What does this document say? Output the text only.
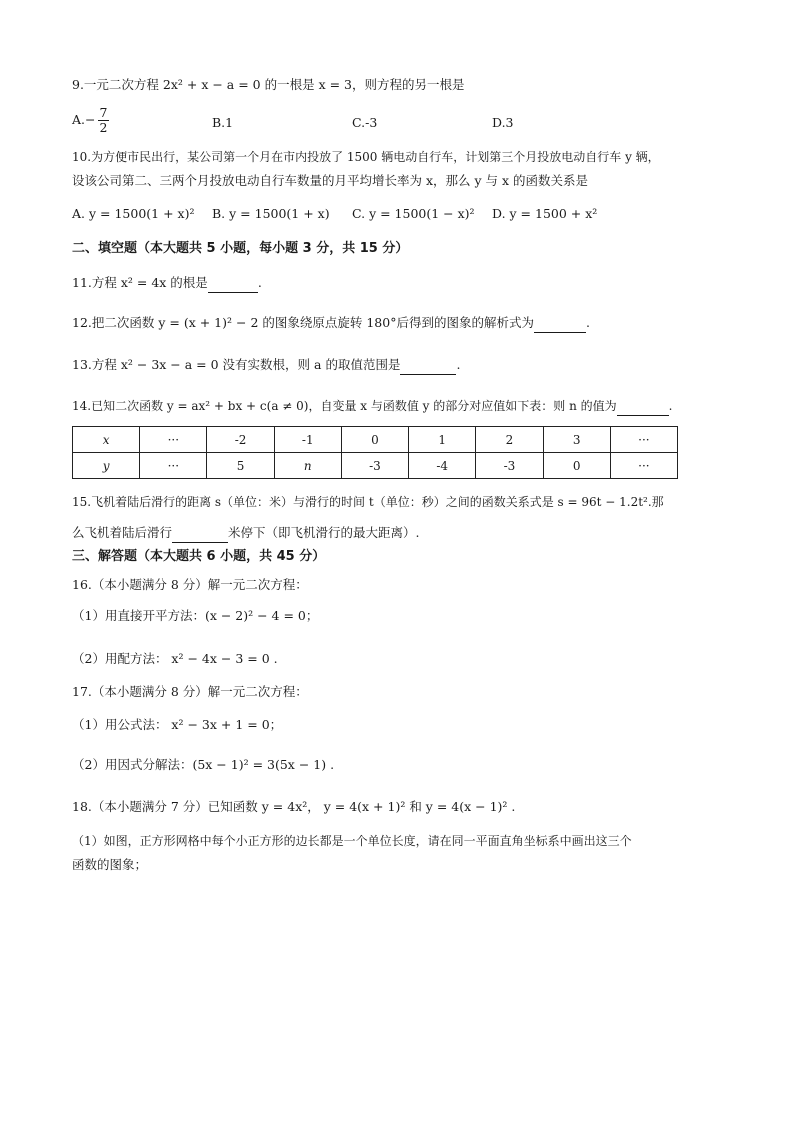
9.一元二次方程 2x² + x − a = 0 的一根是 x = 3，则方程的另一根是
$A.- \frac{7}{2}$	B.1	C.-3	D.3
10.为方便市民出行，某公司第一个月在市内投放了 1500 辆电动自行车，计划第三个月投放电动自行车 y 辆，
设该公司第二、三两个月投放电动自行车数量的月平均增长率为 x，那么 y 与 x 的函数关系是
A. y = 1500(1 + x)² B. y = 1500(1 + x) C. y = 1500(1 − x)² D. y = 1500 + x²
二、填空题（本大题共 5 小题，每小题 3 分，共 15 分）
11.方程 x² = 4x 的根是	.
12.把二次函数 y = (x + 1)² − 2 的图象绕原点旋转 180°后得到的图象的解析式为	.
13.方程 x² − 3x − a = 0 没有实数根，则 a 的取值范围是	.
14.已知二次函数 y = ax² + bx + c(a ≠ 0)，自变量 x 与函数值 y 的部分对应值如下表：则 n 的值为	.
x	···	-2	-1	0	1	2	3	···
y	···	5	n	-3	-4	-3	0	···
15.飞机着陆后滑行的距离 s（单位：米）与滑行的时间 t（单位：秒）之间的函数关系式是 s = 96t − 1.2t².那
么飞机着陆后滑行	米停下（即飞机滑行的最大距离）.
三、解答题（本大题共 6 小题，共 45 分）
16.（本小题满分 8 分）解一元二次方程：
（1）用直接开平方法：(x − 2)² − 4 = 0；
（2）用配方法： x² − 4x − 3 = 0 .
17.（本小题满分 8 分）解一元二次方程：
（1）用公式法： x² − 3x + 1 = 0；
（2）用因式分解法：(5x − 1)² = 3(5x − 1) .
18.（本小题满分 7 分）已知函数 y = 4x²， y = 4(x + 1)² 和 y = 4(x − 1)² .
（1）如图，正方形网格中每个小正方形的边长都是一个单位长度，请在同一平面直角坐标系中画出这三个
函数的图象；
